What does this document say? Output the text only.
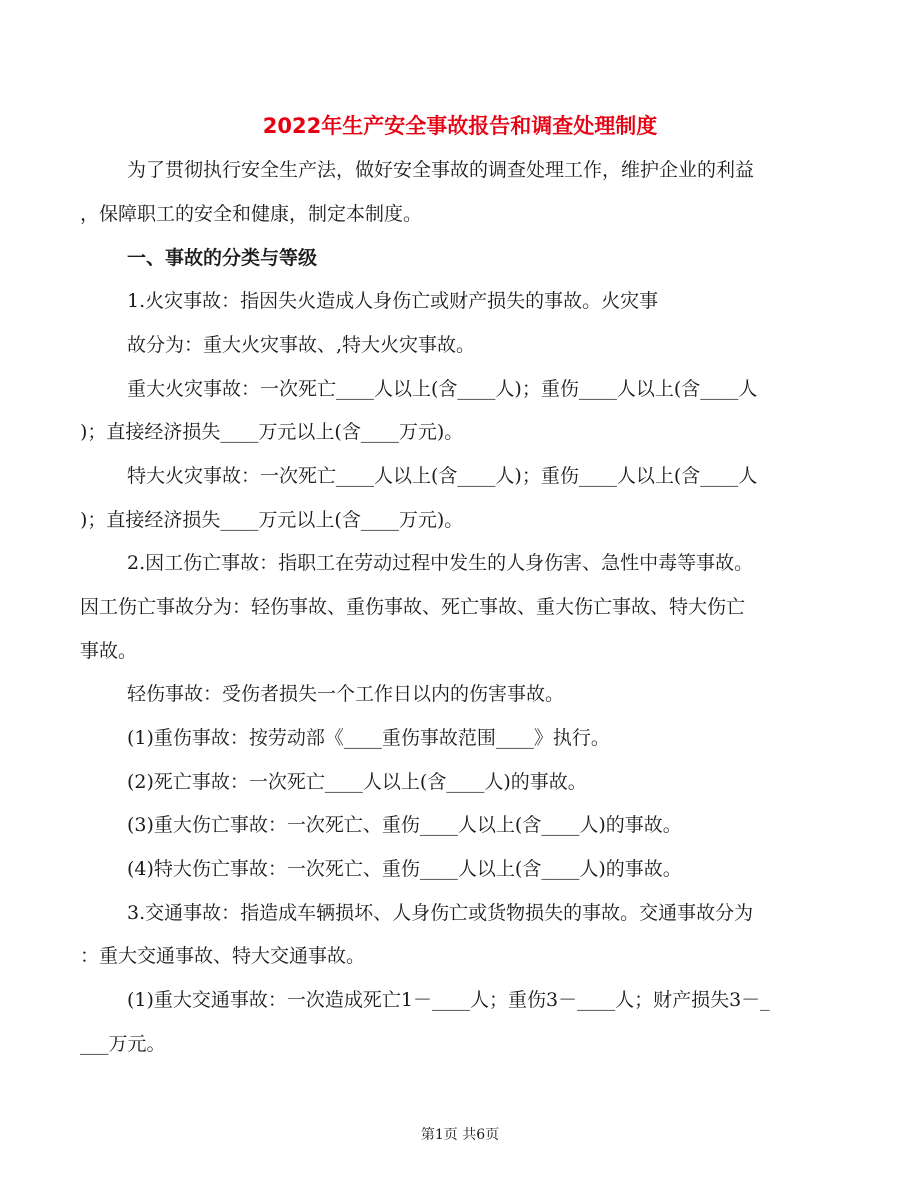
2022年生产安全事故报告和调查处理制度
为了贯彻执行安全生产法，做好安全事故的调查处理工作，维护企业的利益
，保障职工的安全和健康，制定本制度。
一、事故的分类与等级
1.火灾事故：指因失火造成人身伤亡或财产损失的事故。火灾事
故分为：重大火灾事故、,特大火灾事故。
重大火灾事故：一次死亡____人以上(含____人)；重伤____人以上(含____人
)；直接经济损失____万元以上(含____万元)。
特大火灾事故：一次死亡____人以上(含____人)；重伤____人以上(含____人
)；直接经济损失____万元以上(含____万元)。
2.因工伤亡事故：指职工在劳动过程中发生的人身伤害、急性中毒等事故。
因工伤亡事故分为：轻伤事故、重伤事故、死亡事故、重大伤亡事故、特大伤亡
事故。
轻伤事故：受伤者损失一个工作日以内的伤害事故。
(1)重伤事故：按劳动部《____重伤事故范围____》执行。
(2)死亡事故：一次死亡____人以上(含____人)的事故。
(3)重大伤亡事故：一次死亡、重伤____人以上(含____人)的事故。
(4)特大伤亡事故：一次死亡、重伤____人以上(含____人)的事故。
3.交通事故：指造成车辆损坏、人身伤亡或货物损失的事故。交通事故分为
：重大交通事故、特大交通事故。
(1)重大交通事故：一次造成死亡1－____人；重伤3－____人；财产损失3－_
___万元。
第1页 共6页
